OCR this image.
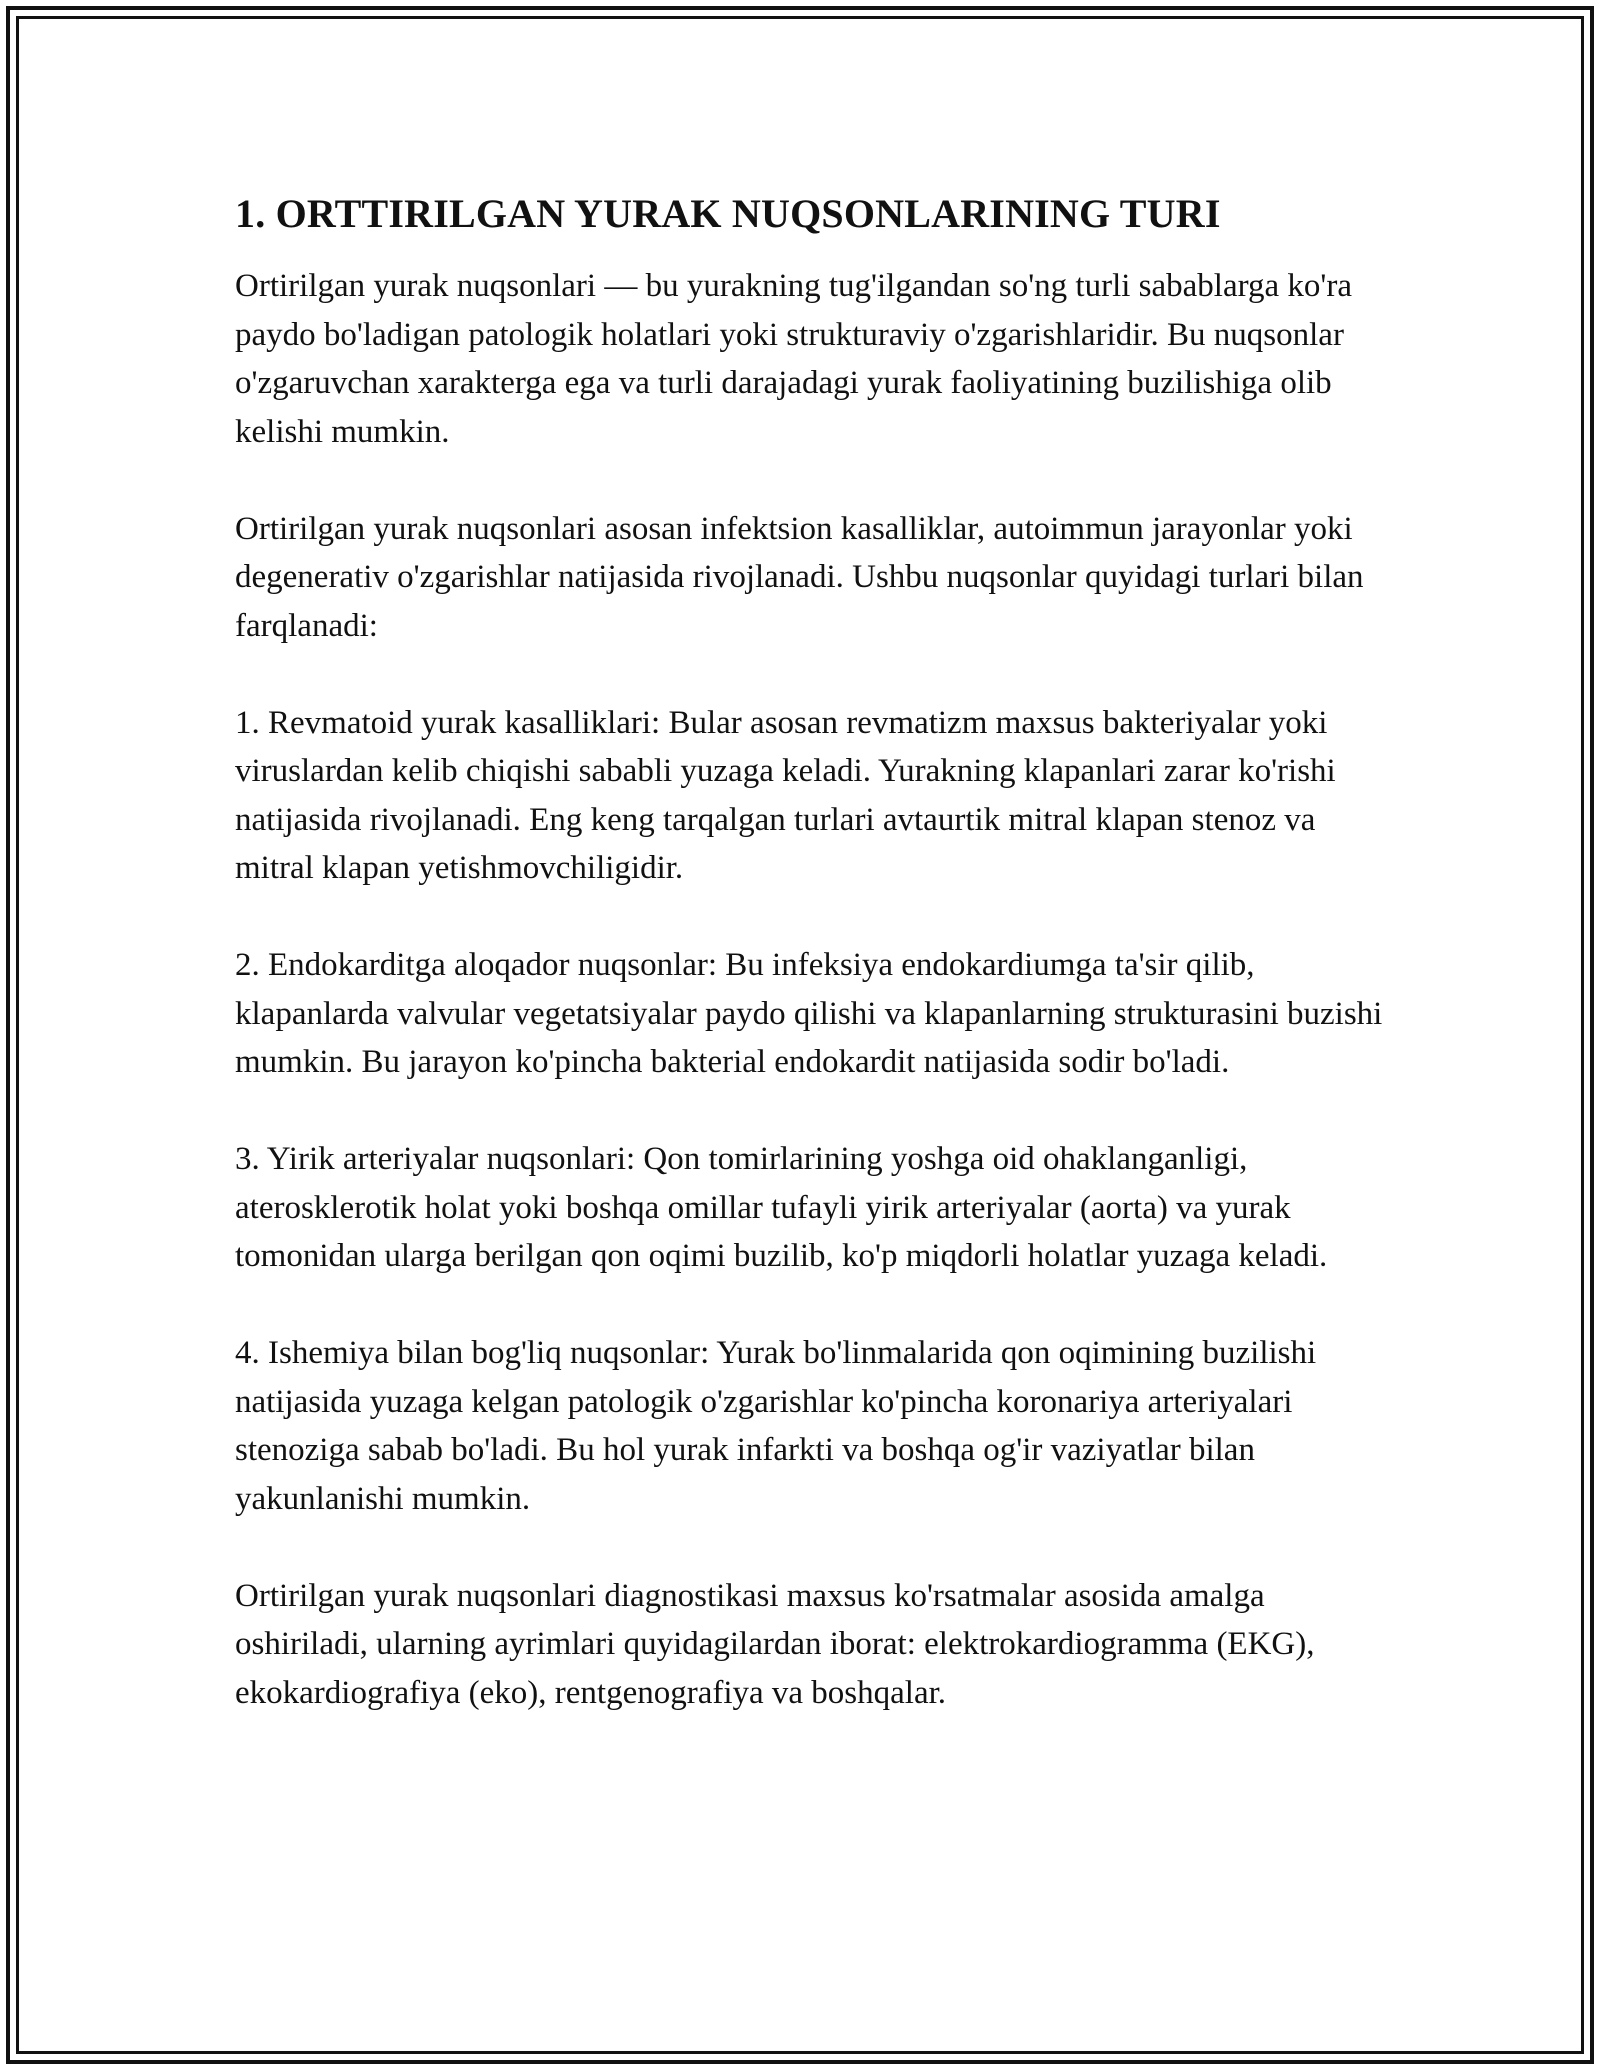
1. ORTTIRILGAN YURAK NUQSONLARINING TURI

Ortirilgan yurak nuqsonlari — bu yurakning tug'ilgandan so'ng turli sabablarga ko'ra paydo bo'ladigan patologik holatlari yoki strukturaviy o'zgarishlaridir. Bu nuqsonlar o'zgaruvchan xarakterga ega va turli darajadagi yurak faoliyatining buzilishiga olib kelishi mumkin.

Ortirilgan yurak nuqsonlari asosan infektsion kasalliklar, autoimmun jarayonlar yoki degenerativ o'zgarishlar natijasida rivojlanadi. Ushbu nuqsonlar quyidagi turlari bilan farqlanadi:

1. Revmatoid yurak kasalliklari: Bular asosan revmatizm maxsus bakteriyalar yoki viruslardan kelib chiqishi sababli yuzaga keladi. Yurakning klapanlari zarar ko'rishi natijasida rivojlanadi. Eng keng tarqalgan turlari avtaurtik mitral klapan stenoz va mitral klapan yetishmovchiligidir.

2. Endokarditga aloqador nuqsonlar: Bu infeksiya endokardiumga ta'sir qilib, klapanlarda valvular vegetatsiyalar paydo qilishi va klapanlarning strukturasini buzishi mumkin. Bu jarayon ko'pincha bakterial endokardit natijasida sodir bo'ladi.

3. Yirik arteriyalar nuqsonlari: Qon tomirlarining yoshga oid ohaklanganligi, aterosklerotik holat yoki boshqa omillar tufayli yirik arteriyalar (aorta) va yurak tomonidan ularga berilgan qon oqimi buzilib, ko'p miqdorli holatlar yuzaga keladi.

4. Ishemiya bilan bog'liq nuqsonlar: Yurak bo'linmalarida qon oqimining buzilishi natijasida yuzaga kelgan patologik o'zgarishlar ko'pincha koronariya arteriyalari stenoziga sabab bo'ladi. Bu hol yurak infarkti va boshqa og'ir vaziyatlar bilan yakunlanishi mumkin.

Ortirilgan yurak nuqsonlari diagnostikasi maxsus ko'rsatmalar asosida amalga oshiriladi, ularning ayrimlari quyidagilardan iborat: elektrokardiogramma (EKG), ekokardiografiya (eko), rentgenografiya va boshqalar.
